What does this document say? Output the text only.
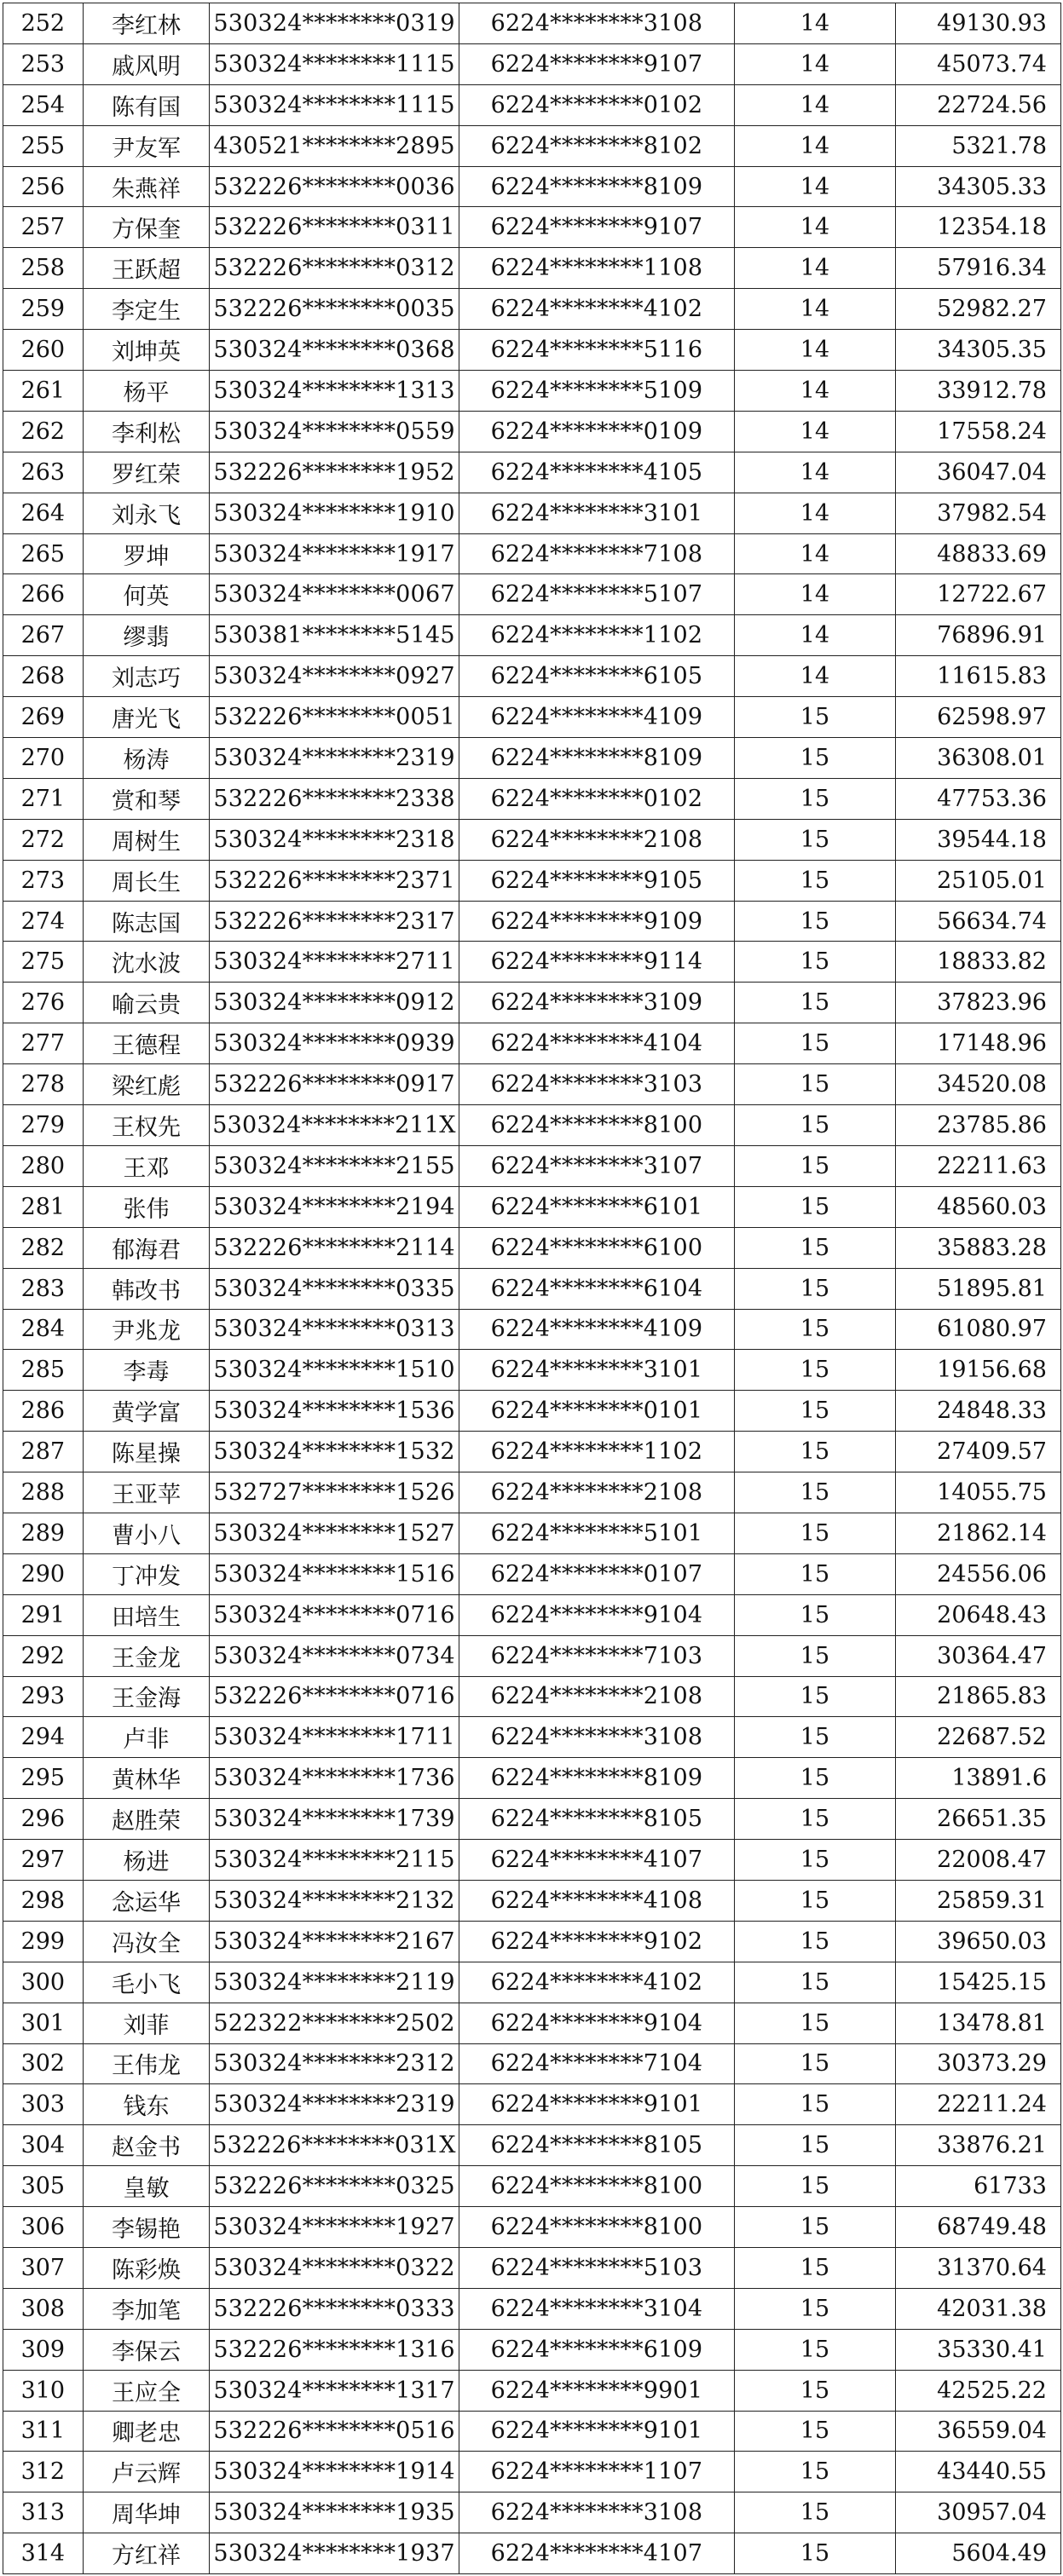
252	李红林	530324********0319	6224********3108	14	49130.93
253	戚风明	530324********1115	6224********9107	14	45073.74
254	陈有国	530324********1115	6224********0102	14	22724.56
255	尹友军	430521********2895	6224********8102	14	5321.78
256	朱燕祥	532226********0036	6224********8109	14	34305.33
257	方保奎	532226********0311	6224********9107	14	12354.18
258	王跃超	532226********0312	6224********1108	14	57916.34
259	李定生	532226********0035	6224********4102	14	52982.27
260	刘坤英	530324********0368	6224********5116	14	34305.35
261	杨平	530324********1313	6224********5109	14	33912.78
262	李利松	530324********0559	6224********0109	14	17558.24
263	罗红荣	532226********1952	6224********4105	14	36047.04
264	刘永飞	530324********1910	6224********3101	14	37982.54
265	罗坤	530324********1917	6224********7108	14	48833.69
266	何英	530324********0067	6224********5107	14	12722.67
267	缪翡	530381********5145	6224********1102	14	76896.91
268	刘志巧	530324********0927	6224********6105	14	11615.83
269	唐光飞	532226********0051	6224********4109	15	62598.97
270	杨涛	530324********2319	6224********8109	15	36308.01
271	赏和琴	532226********2338	6224********0102	15	47753.36
272	周树生	530324********2318	6224********2108	15	39544.18
273	周长生	532226********2371	6224********9105	15	25105.01
274	陈志国	532226********2317	6224********9109	15	56634.74
275	沈水波	530324********2711	6224********9114	15	18833.82
276	喻云贵	530324********0912	6224********3109	15	37823.96
277	王德程	530324********0939	6224********4104	15	17148.96
278	梁红彪	532226********0917	6224********3103	15	34520.08
279	王权先	530324********211X	6224********8100	15	23785.86
280	王邓	530324********2155	6224********3107	15	22211.63
281	张伟	530324********2194	6224********6101	15	48560.03
282	郁海君	532226********2114	6224********6100	15	35883.28
283	韩改书	530324********0335	6224********6104	15	51895.81
284	尹兆龙	530324********0313	6224********4109	15	61080.97
285	李毒	530324********1510	6224********3101	15	19156.68
286	黄学富	530324********1536	6224********0101	15	24848.33
287	陈星操	530324********1532	6224********1102	15	27409.57
288	王亚苹	532727********1526	6224********2108	15	14055.75
289	曹小八	530324********1527	6224********5101	15	21862.14
290	丁冲发	530324********1516	6224********0107	15	24556.06
291	田培生	530324********0716	6224********9104	15	20648.43
292	王金龙	530324********0734	6224********7103	15	30364.47
293	王金海	532226********0716	6224********2108	15	21865.83
294	卢非	530324********1711	6224********3108	15	22687.52
295	黄林华	530324********1736	6224********8109	15	13891.6
296	赵胜荣	530324********1739	6224********8105	15	26651.35
297	杨进	530324********2115	6224********4107	15	22008.47
298	念运华	530324********2132	6224********4108	15	25859.31
299	冯汝全	530324********2167	6224********9102	15	39650.03
300	毛小飞	530324********2119	6224********4102	15	15425.15
301	刘菲	522322********2502	6224********9104	15	13478.81
302	王伟龙	530324********2312	6224********7104	15	30373.29
303	钱东	530324********2319	6224********9101	15	22211.24
304	赵金书	532226********031X	6224********8105	15	33876.21
305	皇敏	532226********0325	6224********8100	15	61733
306	李锡艳	530324********1927	6224********8100	15	68749.48
307	陈彩焕	530324********0322	6224********5103	15	31370.64
308	李加笔	532226********0333	6224********3104	15	42031.38
309	李保云	532226********1316	6224********6109	15	35330.41
310	王应全	530324********1317	6224********9901	15	42525.22
311	卿老忠	532226********0516	6224********9101	15	36559.04
312	卢云辉	530324********1914	6224********1107	15	43440.55
313	周华坤	530324********1935	6224********3108	15	30957.04
314	方红祥	530324********1937	6224********4107	15	5604.49
